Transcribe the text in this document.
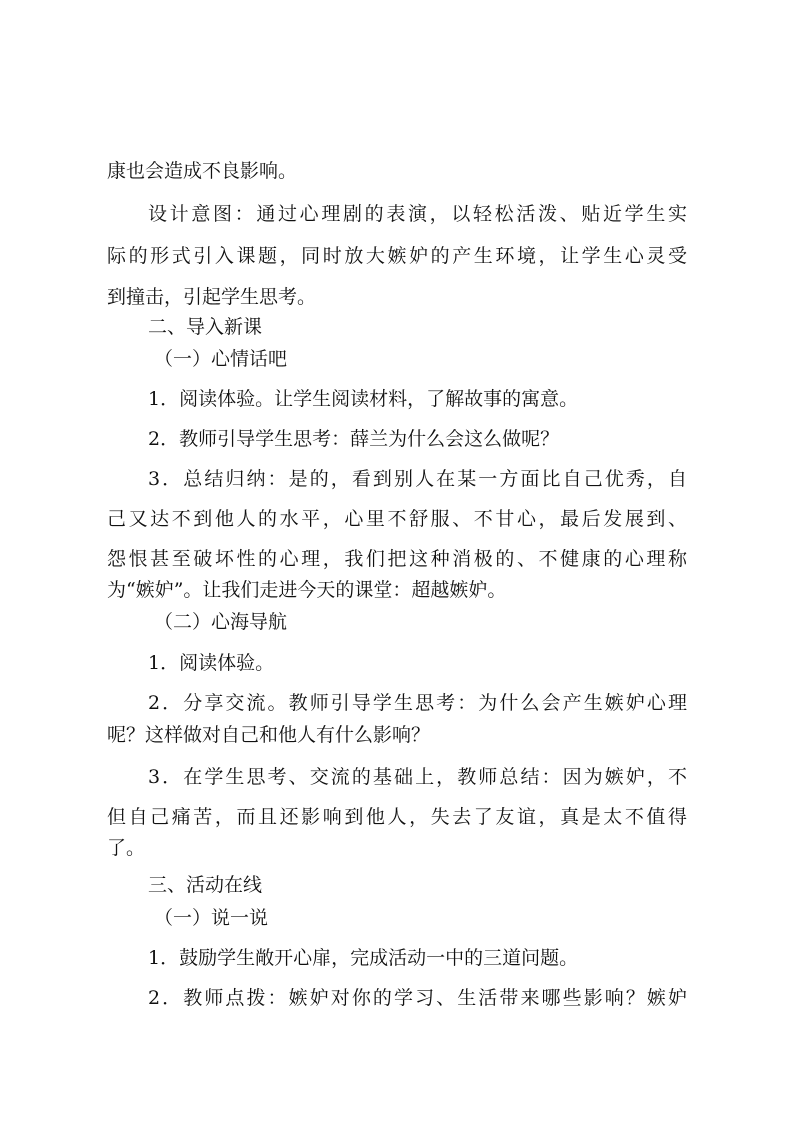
康也会造成不良影响。
设计意图：通过心理剧的表演，以轻松活泼、贴近学生实
际的形式引入课题，同时放大嫉妒的产生环境，让学生心灵受
到撞击，引起学生思考。
二、导入新课
（一）心情话吧
1．阅读体验。让学生阅读材料，了解故事的寓意。
2．教师引导学生思考：薛兰为什么会这么做呢？
3．总结归纳：是的，看到别人在某一方面比自己优秀，自
己又达不到他人的水平，心里不舒服、不甘心，最后发展到、
怨恨甚至破坏性的心理，我们把这种消极的、不健康的心理称
为“嫉妒”。让我们走进今天的课堂：超越嫉妒。
（二）心海导航
1．阅读体验。
2．分享交流。教师引导学生思考：为什么会产生嫉妒心理
呢？这样做对自己和他人有什么影响？
3．在学生思考、交流的基础上，教师总结：因为嫉妒，不
但自己痛苦，而且还影响到他人，失去了友谊，真是太不值得
了。
三、活动在线
（一）说一说
1．鼓励学生敞开心扉，完成活动一中的三道问题。
2．教师点拨：嫉妒对你的学习、生活带来哪些影响？嫉妒
